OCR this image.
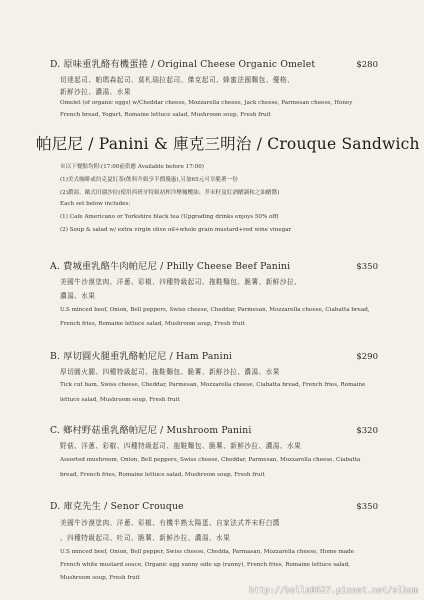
D. 原味重乳酪有機蛋捲 / Original Cheese Organic Omelet	$280
切達起司、帕瑪森起司、莫札瑞拉起司、傑克起司、蜂蜜法國麵包、優格、
新鮮沙拉、濃湯、水果
Omelet (of organic eggs) w/Cheddar cheese, Mozzarella cheese, Jack cheese, Parmesan cheese, Honey
French bread, Yogurt, Romaine lettuce salad, Mushroom soup, Fresh fruit
帕尼尼 / Panini & 庫克三明治 / Crouque Sandwich
※以下餐點均附:(17:00前供應 Available before 17:00)
(1)美式咖啡或約克夏紅茶(飲料升級享半價優惠),另加65元可享脆薯一份
(2)濃湯、歐式田園沙拉(使用西班牙特級初榨冷壓橄欖油、芥末籽及紅酒醋調和之油醋醬)
Each set below includes:
(1) Cafe Americano or Yorkshire black tea (Upgrading drinks enjoys 50% off)
(2) Soup & salad w/ extra virgin olive oil+whole grain mustard+red wine vinegar
A. 費城重乳酪牛肉帕尼尼 / Philly Cheese Beef Panini	$350
美國牛沙漠塗肉、洋蔥、彩椒、四種特級起司、拖鞋麵包、脆薯、新鮮沙拉、
濃湯、水果
U.S minced beef, Onion, Bell peppers, Swiss cheese, Cheddar, Parmesan, Mozzarella cheese, Ciabatta bread,
French fries, Romaine lettuce salad, Mushroom soup, Fresh fruit
B. 厚切圓火腿重乳酪帕尼尼 / Ham Panini	$290
厚切圓火腿、四種特級起司、拖鞋麵包、脆薯、新鮮沙拉、濃湯、水果
Tick cut ham, Swiss cheese, Cheddar, Parmesan, Mozzarella cheese, Ciabatta bread, French fries, Romaine
lettuce salad, Mushroom soup, Fresh fruit
C. 鄉村野菇重乳酪帕尼尼 / Mushroom Panini	$320
野菇、洋蔥、彩椒、四種特級起司、拖鞋麵包、脆薯、新鮮沙拉、濃湯、水果
Assorted mushroom, Onion, Bell peppers, Swiss cheese, Cheddar, Parmesan, Mozzarella cheese, Ciabatta
bread, French fries, Romaine lettuce salad, Mushroom soup, Fresh fruit
D. 庫克先生 / Senor Crouque	$350
美國牛沙漠塗肉、洋蔥、彩椒、有機半熟太陽蛋、自家法式芥末籽白醬
、四種特級起司、吐司、脆薯、新鮮沙拉、濃湯、水果
U.S minced beef, Onion, Bell pepper, Swiss cheese, Chedda, Parmasan, Mozzarella cheese, Home made
French white mustard souce, Organic egg sunny side up (runny), French fries, Romaine lettuce salad,
Mushroom soup, Fresh fruit
http://bella0627.pixnet.net/album
